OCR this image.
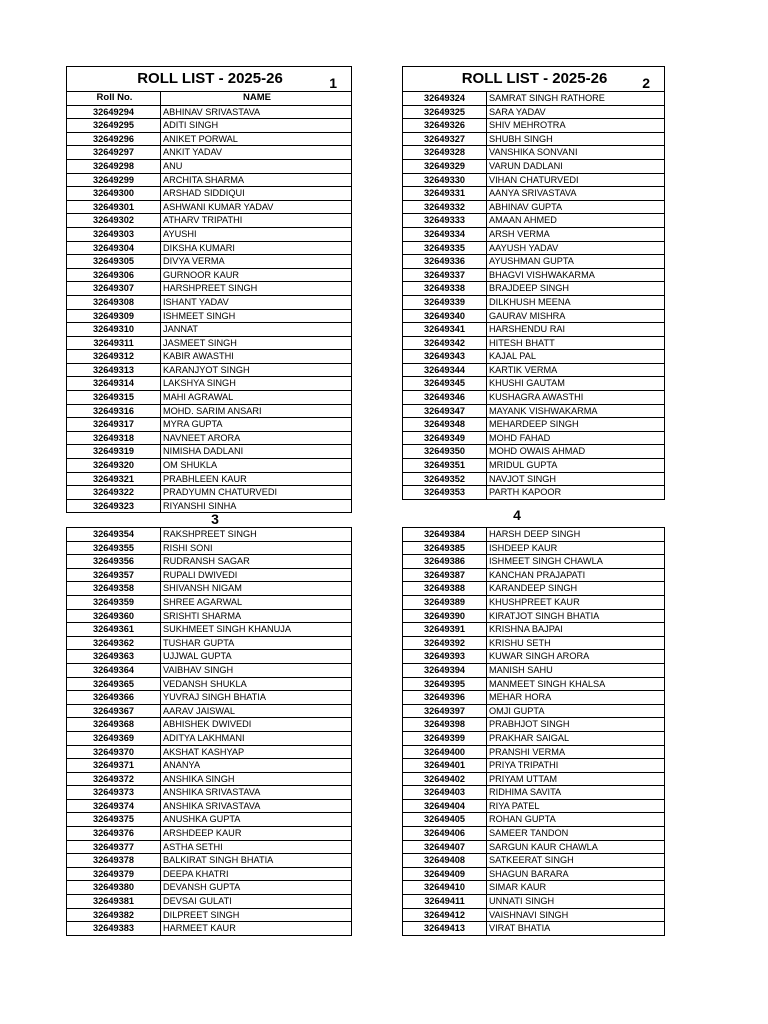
ROLL LIST - 2025-26 1	

Roll No.	NAME
32649294	ABHINAV SRIVASTAVA
32649295	ADITI SINGH
32649296	ANIKET PORWAL
32649297	ANKIT YADAV
32649298	ANU
32649299	ARCHITA SHARMA
32649300	ARSHAD SIDDIQUI
32649301	ASHWANI KUMAR YADAV
32649302	ATHARV TRIPATHI
32649303	AYUSHI
32649304	DIKSHA KUMARI
32649305	DIVYA VERMA
32649306	GURNOOR KAUR
32649307	HARSHPREET SINGH
32649308	ISHANT YADAV
32649309	ISHMEET SINGH
32649310	JANNAT
32649311	JASMEET SINGH
32649312	KABIR AWASTHI
32649313	KARANJYOT SINGH
32649314	LAKSHYA SINGH
32649315	MAHI AGRAWAL
32649316	MOHD. SARIM ANSARI
32649317	MYRA GUPTA
32649318	NAVNEET ARORA
32649319	NIMISHA DADLANI
32649320	OM SHUKLA
32649321	PRABHLEEN KAUR
32649322	PRADYUMN CHATURVEDI
32649323	RIYANSHI SINHA
ROLL LIST - 2025-26 2	

32649324	SAMRAT SINGH RATHORE
32649325	SARA YADAV
32649326	SHIV MEHROTRA
32649327	SHUBH SINGH
32649328	VANSHIKA SONVANI
32649329	VARUN DADLANI
32649330	VIHAN CHATURVEDI
32649331	AANYA SRIVASTAVA
32649332	ABHINAV GUPTA
32649333	AMAAN AHMED
32649334	ARSH VERMA
32649335	AAYUSH YADAV
32649336	AYUSHMAN GUPTA
32649337	BHAGVI VISHWAKARMA
32649338	BRAJDEEP SINGH
32649339	DILKHUSH MEENA
32649340	GAURAV MISHRA
32649341	HARSHENDU RAI
32649342	HITESH BHATT
32649343	KAJAL PAL
32649344	KARTIK VERMA
32649345	KHUSHI GAUTAM
32649346	KUSHAGRA AWASTHI
32649347	MAYANK VISHWAKARMA
32649348	MEHARDEEP SINGH
32649349	MOHD FAHAD
32649350	MOHD OWAIS AHMAD
32649351	MRIDUL GUPTA
32649352	NAVJOT SINGH
32649353	PARTH KAPOOR
3
32649354	RAKSHPREET SINGH
32649355	RISHI SONI
32649356	RUDRANSH SAGAR
32649357	RUPALI DWIVEDI
32649358	SHIVANSH NIGAM
32649359	SHREE AGARWAL
32649360	SRISHTI SHARMA
32649361	SUKHMEET SINGH KHANUJA
32649362	TUSHAR GUPTA
32649363	UJJWAL GUPTA
32649364	VAIBHAV SINGH
32649365	VEDANSH SHUKLA
32649366	YUVRAJ SINGH BHATIA
32649367	AARAV JAISWAL
32649368	ABHISHEK DWIVEDI
32649369	ADITYA LAKHMANI
32649370	AKSHAT KASHYAP
32649371	ANANYA
32649372	ANSHIKA SINGH
32649373	ANSHIKA SRIVASTAVA
32649374	ANSHIKA SRIVASTAVA
32649375	ANUSHKA GUPTA
32649376	ARSHDEEP KAUR
32649377	ASTHA SETHI
32649378	BALKIRAT SINGH BHATIA
32649379	DEEPA KHATRI
32649380	DEVANSH GUPTA
32649381	DEVSAI GULATI
32649382	DILPREET SINGH
32649383	HARMEET KAUR
4
32649384	HARSH DEEP SINGH
32649385	ISHDEEP KAUR
32649386	ISHMEET SINGH CHAWLA
32649387	KANCHAN PRAJAPATI
32649388	KARANDEEP SINGH
32649389	KHUSHPREET KAUR
32649390	KIRATJOT SINGH BHATIA
32649391	KRISHNA BAJPAI
32649392	KRISHU SETH
32649393	KUWAR SINGH ARORA
32649394	MANISH SAHU
32649395	MANMEET SINGH KHALSA
32649396	MEHAR HORA
32649397	OMJI GUPTA
32649398	PRABHJOT SINGH
32649399	PRAKHAR SAIGAL
32649400	PRANSHI VERMA
32649401	PRIYA TRIPATHI
32649402	PRIYAM UTTAM
32649403	RIDHIMA SAVITA
32649404	RIYA PATEL
32649405	ROHAN GUPTA
32649406	SAMEER TANDON
32649407	SARGUN KAUR CHAWLA
32649408	SATKEERAT SINGH
32649409	SHAGUN BARARA
32649410	SIMAR KAUR
32649411	UNNATI SINGH
32649412	VAISHNAVI SINGH
32649413	VIRAT BHATIA
